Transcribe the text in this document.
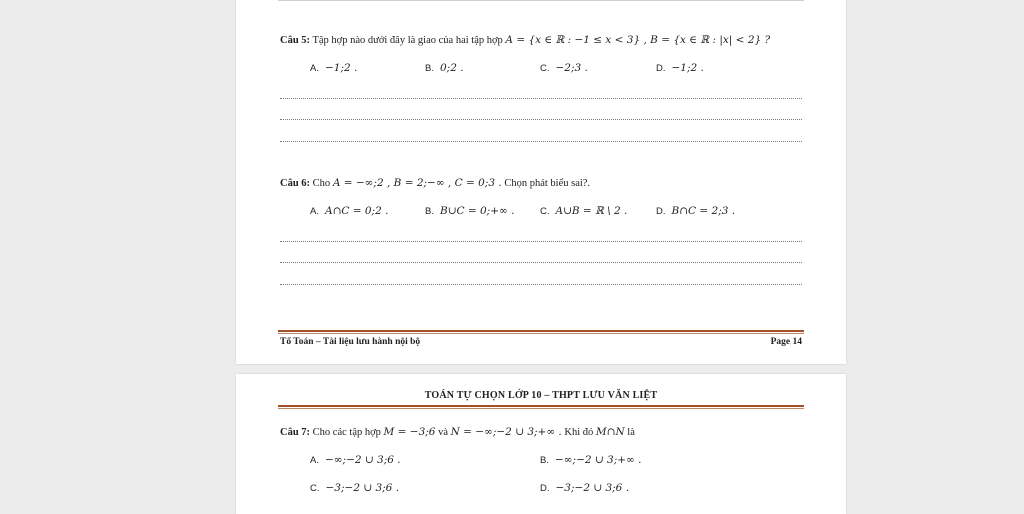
Câu 5: Tập hợp nào dưới đây là giao của hai tập hợp A = {x ∈ ℝ : −1 ≤ x < 3} , B = {x ∈ ℝ : |x| < 2} ?
A. −1;2 .	B. 0;2 .	C. −2;3 .	D. −1;2 .
Câu 6: Cho A = −∞;2 , B = 2;−∞ , C = 0;3 . Chọn phát biểu sai?.
A. A∩C = 0;2 .	B. B∪C = 0;+∞ .	C. A∪B = ℝ \ 2 .	D. B∩C = 2;3 .
Tổ Toán – Tài liệu lưu hành nội bộ	Page 14
TOÁN TỰ CHỌN LỚP 10 – THPT LƯU VĂN LIỆT
Câu 7: Cho các tập hợp M = −3;6 và N = −∞;−2 ∪ 3;+∞ . Khi đó M∩N là
A. −∞;−2 ∪ 3;6 .	B. −∞;−2 ∪ 3;+∞ .
C. −3;−2 ∪ 3;6 .	D. −3;−2 ∪ 3;6 .
